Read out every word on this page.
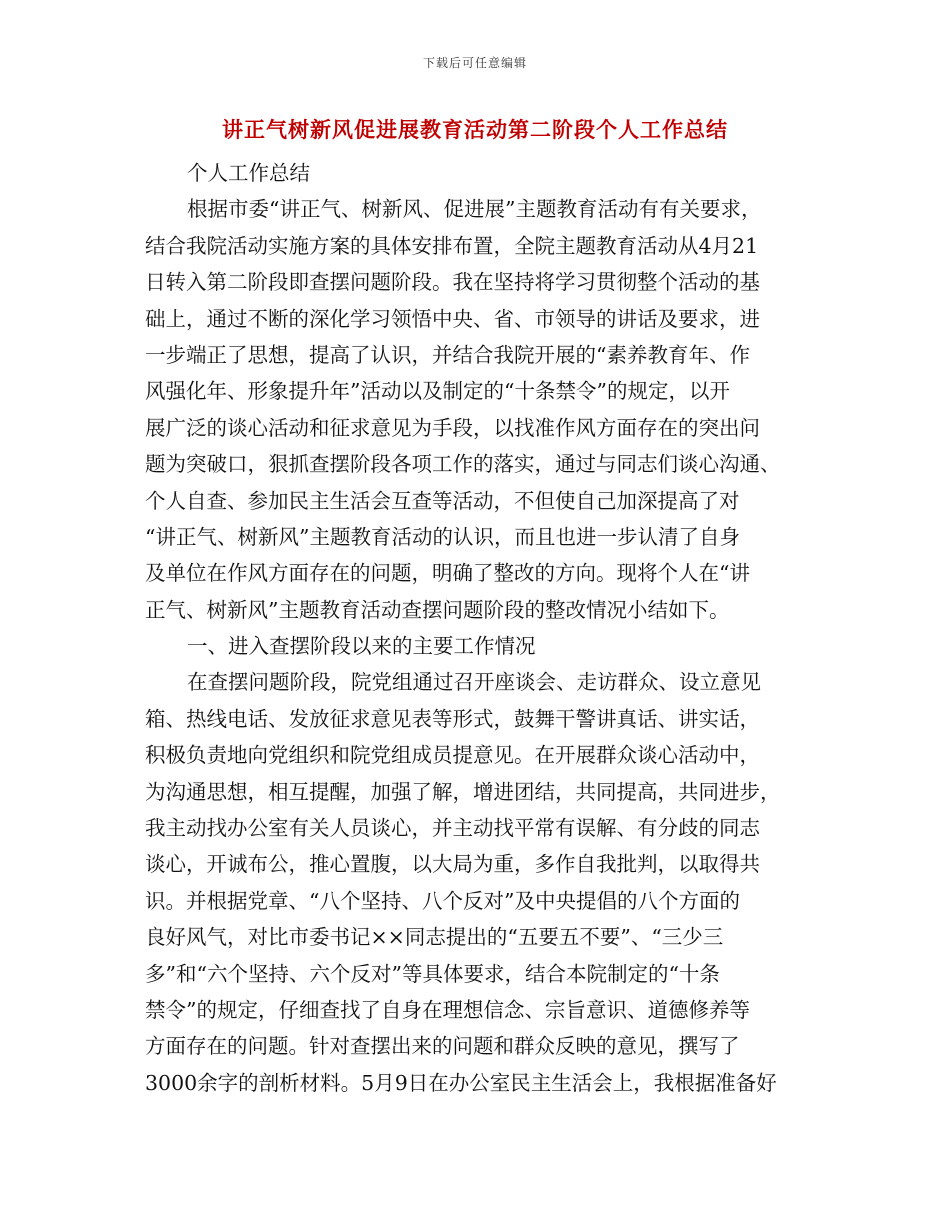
下载后可任意编辑
讲正气树新风促进展教育活动第二阶段个人工作总结
个人工作总结
根据市委“讲正气、树新风、促进展”主题教育活动有有关要求，
结合我院活动实施方案的具体安排布置，全院主题教育活动从4月21
日转入第二阶段即查摆问题阶段。我在坚持将学习贯彻整个活动的基
础上，通过不断的深化学习领悟中央、省、市领导的讲话及要求，进
一步端正了思想，提高了认识，并结合我院开展的“素养教育年、作
风强化年、形象提升年”活动以及制定的“十条禁令”的规定，以开
展广泛的谈心活动和征求意见为手段，以找准作风方面存在的突出问
题为突破口，狠抓查摆阶段各项工作的落实，通过与同志们谈心沟通、
个人自查、参加民主生活会互查等活动，不但使自己加深提高了对
“讲正气、树新风”主题教育活动的认识，而且也进一步认清了自身
及单位在作风方面存在的问题，明确了整改的方向。现将个人在“讲
正气、树新风”主题教育活动查摆问题阶段的整改情况小结如下。
一、进入查摆阶段以来的主要工作情况
在查摆问题阶段，院党组通过召开座谈会、走访群众、设立意见
箱、热线电话、发放征求意见表等形式，鼓舞干警讲真话、讲实话，
积极负责地向党组织和院党组成员提意见。在开展群众谈心活动中，
为沟通思想，相互提醒，加强了解，增进团结，共同提高，共同进步，
我主动找办公室有关人员谈心，并主动找平常有误解、有分歧的同志
谈心，开诚布公，推心置腹，以大局为重，多作自我批判，以取得共
识。并根据党章、“八个坚持、八个反对”及中央提倡的八个方面的
良好风气，对比市委书记××同志提出的“五要五不要”、“三少三
多”和“六个坚持、六个反对”等具体要求，结合本院制定的“十条
禁令”的规定，仔细查找了自身在理想信念、宗旨意识、道德修养等
方面存在的问题。针对查摆出来的问题和群众反映的意见，撰写了
3000余字的剖析材料。5月9日在办公室民主生活会上，我根据准备好
